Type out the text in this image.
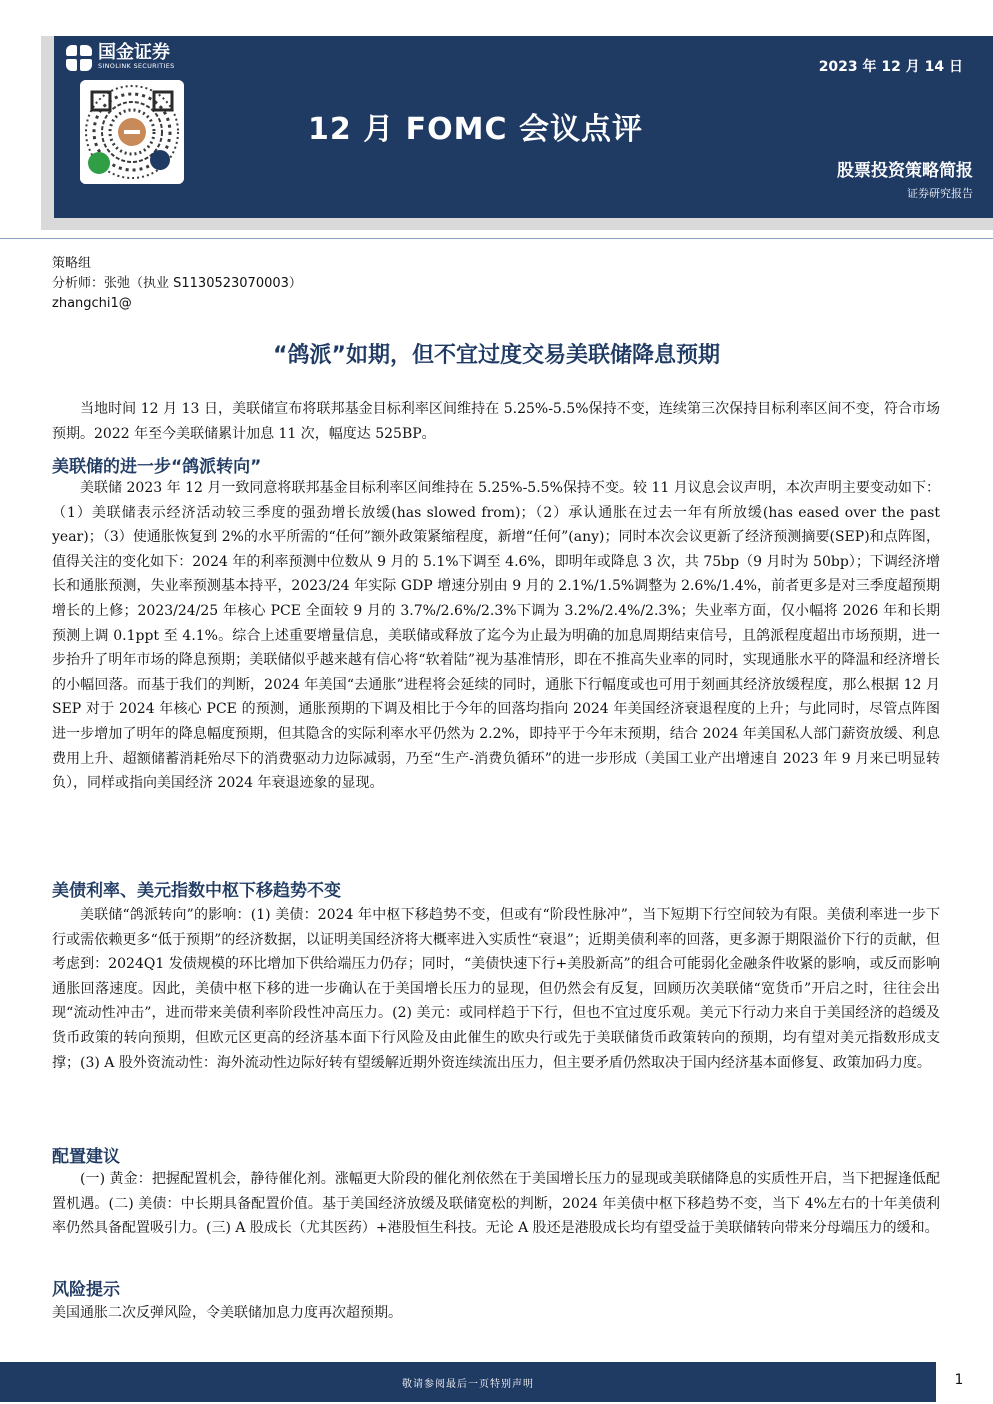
国金证券
SINOLINK SECURITIES	2023 年 12 月 14 日
12 月 FOMC 会议点评
股票投资策略简报
证券研究报告
策略组
分析师：张弛（执业 S1130523070003）
zhangchi1@
“鸽派”如期，但不宜过度交易美联储降息预期

当地时间 12 月 13 日，美联储宣布将联邦基金目标利率区间维持在 5.25%-5.5%保持不变，连续第三次保持目标利率区间不变，符合市场预期。2022 年至今美联储累计加息 11 次，幅度达 525BP。

美联储的进一步“鸽派转向”

美联储 2023 年 12 月一致同意将联邦基金目标利率区间维持在 5.25%-5.5%保持不变。较 11 月议息会议声明，本次声明主要变动如下：（1）美联储表示经济活动较三季度的强劲增长放缓(has slowed from)；（2）承认通胀在过去一年有所放缓(has eased over the past year)；（3）使通胀恢复到 2%的水平所需的“任何”额外政策紧缩程度，新增“任何”(any)；同时本次会议更新了经济预测摘要(SEP)和点阵图，值得关注的变化如下：2024 年的利率预测中位数从 9 月的 5.1%下调至 4.6%，即明年或降息 3 次，共 75bp（9 月时为 50bp）；下调经济增长和通胀预测，失业率预测基本持平，2023/24 年实际 GDP 增速分别由 9 月的 2.1%/1.5%调整为 2.6%/1.4%，前者更多是对三季度超预期增长的上修；2023/24/25 年核心 PCE 全面较 9 月的 3.7%/2.6%/2.3%下调为 3.2%/2.4%/2.3%；失业率方面，仅小幅将 2026 年和长期预测上调 0.1ppt 至 4.1%。综合上述重要增量信息，美联储或释放了迄今为止最为明确的加息周期结束信号，且鸽派程度超出市场预期，进一步抬升了明年市场的降息预期；美联储似乎越来越有信心将“软着陆”视为基准情形，即在不推高失业率的同时，实现通胀水平的降温和经济增长的小幅回落。而基于我们的判断，2024 年美国“去通胀”进程将会延续的同时，通胀下行幅度或也可用于刻画其经济放缓程度，那么根据 12 月 SEP 对于 2024 年核心 PCE 的预测，通胀预期的下调及相比于今年的回落均指向 2024 年美国经济衰退程度的上升；与此同时，尽管点阵图进一步增加了明年的降息幅度预期，但其隐含的实际利率水平仍然为 2.2%，即持平于今年末预期，结合 2024 年美国私人部门薪资放缓、利息费用上升、超额储蓄消耗殆尽下的消费驱动力边际减弱，乃至“生产-消费负循环”的进一步形成（美国工业产出增速自 2023 年 9 月来已明显转负），同样或指向美国经济 2024 年衰退迹象的显现。

美债利率、美元指数中枢下移趋势不变

美联储“鸽派转向”的影响：(1) 美债：2024 年中枢下移趋势不变，但或有“阶段性脉冲”，当下短期下行空间较为有限。美债利率进一步下行或需依赖更多“低于预期”的经济数据，以证明美国经济将大概率进入实质性“衰退”；近期美债利率的回落，更多源于期限溢价下行的贡献，但考虑到：2024Q1 发债规模的环比增加下供给端压力仍存；同时，“美债快速下行+美股新高”的组合可能弱化金融条件收紧的影响，或反而影响通胀回落速度。因此，美债中枢下移的进一步确认在于美国增长压力的显现，但仍然会有反复，回顾历次美联储“宽货币”开启之时，往往会出现“流动性冲击”，进而带来美债利率阶段性冲高压力。(2) 美元：或同样趋于下行，但也不宜过度乐观。美元下行动力来自于美国经济的趋缓及货币政策的转向预期，但欧元区更高的经济基本面下行风险及由此催生的欧央行或先于美联储货币政策转向的预期，均有望对美元指数形成支撑；(3) A 股外资流动性：海外流动性边际好转有望缓解近期外资连续流出压力，但主要矛盾仍然取决于国内经济基本面修复、政策加码力度。

配置建议

(一) 黄金：把握配置机会，静待催化剂。涨幅更大阶段的催化剂依然在于美国增长压力的显现或美联储降息的实质性开启，当下把握逢低配置机遇。(二) 美债：中长期具备配置价值。基于美国经济放缓及联储宽松的判断，2024 年美债中枢下移趋势不变，当下 4%左右的十年美债利率仍然具备配置吸引力。(三) A 股成长（尤其医药）+港股恒生科技。无论 A 股还是港股成长均有望受益于美联储转向带来分母端压力的缓和。

风险提示

美国通胀二次反弹风险，令美联储加息力度再次超预期。

敬请参阅最后一页特别声明	1
